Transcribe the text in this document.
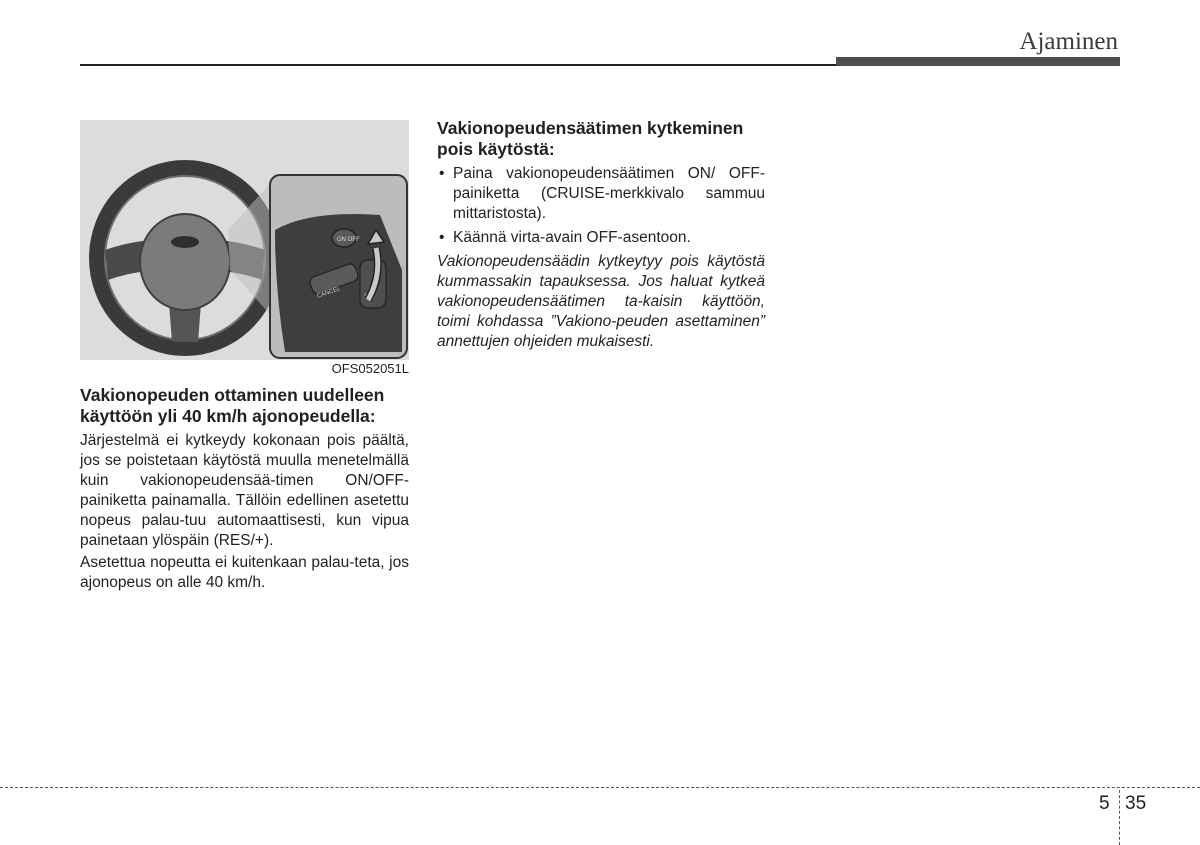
Ajaminen
ON OFF
CANCEL	SET
OFS052051L
Vakionopeuden ottaminen uudelleen käyttöön yli 40 km/h ajonopeudella:

Järjestelmä ei kytkeydy kokonaan pois päältä, jos se poistetaan käytöstä muulla menetelmällä kuin vakionopeudensää-timen ON/OFF-painiketta painamalla. Tällöin edellinen asetettu nopeus palau-tuu automaattisesti, kun vipua painetaan ylöspäin (RES/+).

Asetettua nopeutta ei kuitenkaan palau-teta, jos ajonopeus on alle 40 km/h.

Vakionopeudensäätimen kytkeminen pois käytöstä:
• Paina vakionopeudensäätimen ON/ OFF-painiketta (CRUISE-merkkivalo sammuu mittaristosta).
• Käännä virta-avain OFF-asentoon.

Vakionopeudensäädin kytkeytyy pois käytöstä kummassakin tapauksessa. Jos haluat kytkeä vakionopeudensäätimen ta-kaisin käyttöön, toimi kohdassa ”Vakiono-peuden asettaminen” annettujen ohjeiden mukaisesti.

5 35
